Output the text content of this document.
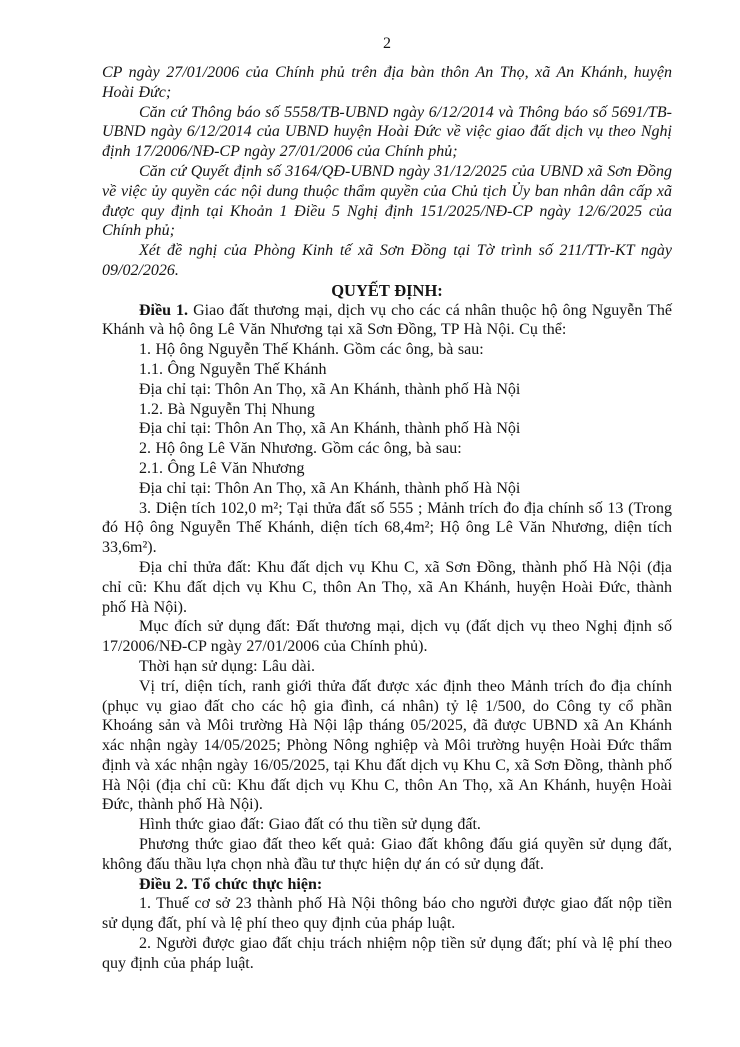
2

CP ngày 27/01/2006 của Chính phủ trên địa bàn thôn An Thọ, xã An Khánh, huyện Hoài Đức;

Căn cứ Thông báo số 5558/TB-UBND ngày 6/12/2014 và Thông báo số 5691/TB-UBND ngày 6/12/2014 của UBND huyện Hoài Đức về việc giao đất dịch vụ theo Nghị định 17/2006/NĐ-CP ngày 27/01/2006 của Chính phủ;

Căn cứ Quyết định số 3164/QĐ-UBND ngày 31/12/2025 của UBND xã Sơn Đồng về việc ủy quyền các nội dung thuộc thẩm quyền của Chủ tịch Ủy ban nhân dân cấp xã được quy định tại Khoản 1 Điều 5 Nghị định 151/2025/NĐ-CP ngày 12/6/2025 của Chính phủ;

Xét đề nghị của Phòng Kinh tế xã Sơn Đồng tại Tờ trình số 211/TTr-KT ngày 09/02/2026.

QUYẾT ĐỊNH:

Điều 1. Giao đất thương mại, dịch vụ cho các cá nhân thuộc hộ ông Nguyễn Thế Khánh và hộ ông Lê Văn Nhương tại xã Sơn Đồng, TP Hà Nội. Cụ thể:

1. Hộ ông Nguyễn Thế Khánh. Gồm các ông, bà sau:

1.1. Ông Nguyễn Thế Khánh

Địa chỉ tại: Thôn An Thọ, xã An Khánh, thành phố Hà Nội

1.2. Bà Nguyễn Thị Nhung

Địa chỉ tại: Thôn An Thọ, xã An Khánh, thành phố Hà Nội

2. Hộ ông Lê Văn Nhương. Gồm các ông, bà sau:

2.1. Ông Lê Văn Nhương

Địa chỉ tại: Thôn An Thọ, xã An Khánh, thành phố Hà Nội

3. Diện tích 102,0 m²; Tại thửa đất số 555 ; Mảnh trích đo địa chính số 13 (Trong đó Hộ ông Nguyễn Thế Khánh, diện tích 68,4m²; Hộ ông Lê Văn Nhương, diện tích 33,6m²).

Địa chỉ thửa đất: Khu đất dịch vụ Khu C, xã Sơn Đồng, thành phố Hà Nội (địa chỉ cũ: Khu đất dịch vụ Khu C, thôn An Thọ, xã An Khánh, huyện Hoài Đức, thành phố Hà Nội).

Mục đích sử dụng đất: Đất thương mại, dịch vụ (đất dịch vụ theo Nghị định số 17/2006/NĐ-CP ngày 27/01/2006 của Chính phủ).

Thời hạn sử dụng: Lâu dài.

Vị trí, diện tích, ranh giới thửa đất được xác định theo Mảnh trích đo địa chính (phục vụ giao đất cho các hộ gia đình, cá nhân) tỷ lệ 1/500, do Công ty cổ phần Khoáng sản và Môi trường Hà Nội lập tháng 05/2025, đã được UBND xã An Khánh xác nhận ngày 14/05/2025; Phòng Nông nghiệp và Môi trường huyện Hoài Đức thẩm định và xác nhận ngày 16/05/2025, tại Khu đất dịch vụ Khu C, xã Sơn Đồng, thành phố Hà Nội (địa chỉ cũ: Khu đất dịch vụ Khu C, thôn An Thọ, xã An Khánh, huyện Hoài Đức, thành phố Hà Nội).

Hình thức giao đất: Giao đất có thu tiền sử dụng đất.

Phương thức giao đất theo kết quả: Giao đất không đấu giá quyền sử dụng đất, không đấu thầu lựa chọn nhà đầu tư thực hiện dự án có sử dụng đất.

Điều 2. Tổ chức thực hiện:

1. Thuế cơ sở 23 thành phố Hà Nội thông báo cho người được giao đất nộp tiền sử dụng đất, phí và lệ phí theo quy định của pháp luật.

2. Người được giao đất chịu trách nhiệm nộp tiền sử dụng đất; phí và lệ phí theo quy định của pháp luật.
